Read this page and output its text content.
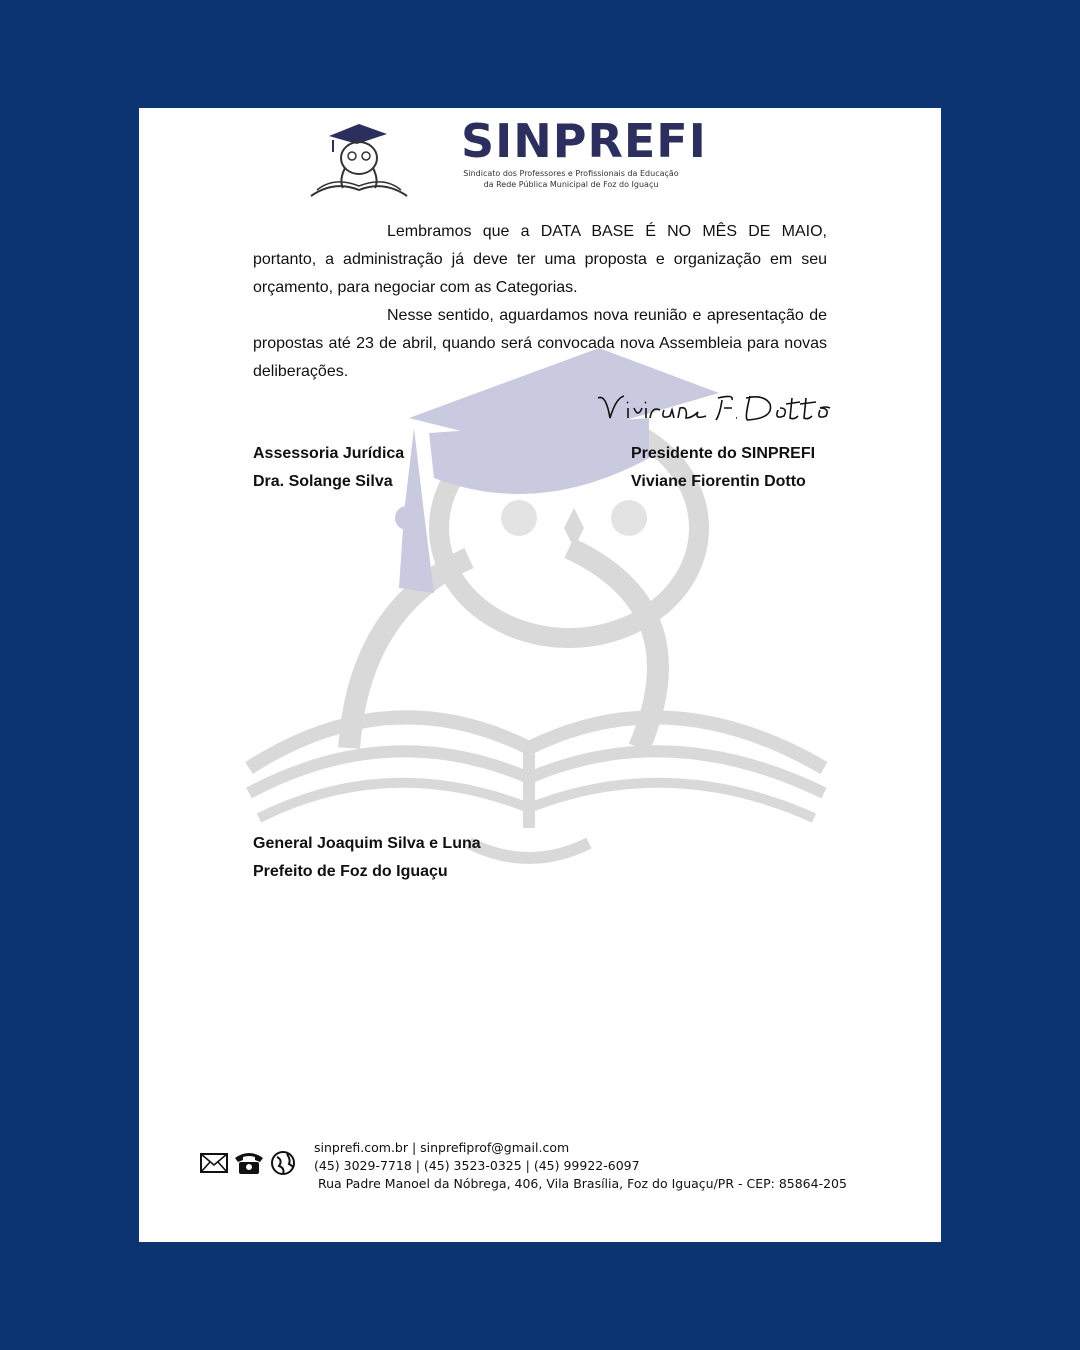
SINPREFI
Sindicato dos Professores e Profissionais da Educação
da Rede Pública Municipal de Foz do Iguaçu

Lembramos que a DATA BASE É NO MÊS DE MAIO, portanto, a administração já deve ter uma proposta e organização em seu orçamento, para negociar com as Categorias.

Nesse sentido, aguardamos nova reunião e apresentação de propostas até 23 de abril, quando será convocada nova Assembleia para novas deliberações.

Assessoria Jurídica
Dra. Solange Silva
Presidente do SINPREFI
Viviane Fiorentin Dotto
General Joaquim Silva e Luna
Prefeito de Foz do Iguaçu
sinprefi.com.br | sinprefiprof@gmail.com
(45) 3029-7718 | (45) 3523-0325 | (45) 99922-6097
Rua Padre Manoel da Nóbrega, 406, Vila Brasília, Foz do Iguaçu/PR - CEP: 85864-205
